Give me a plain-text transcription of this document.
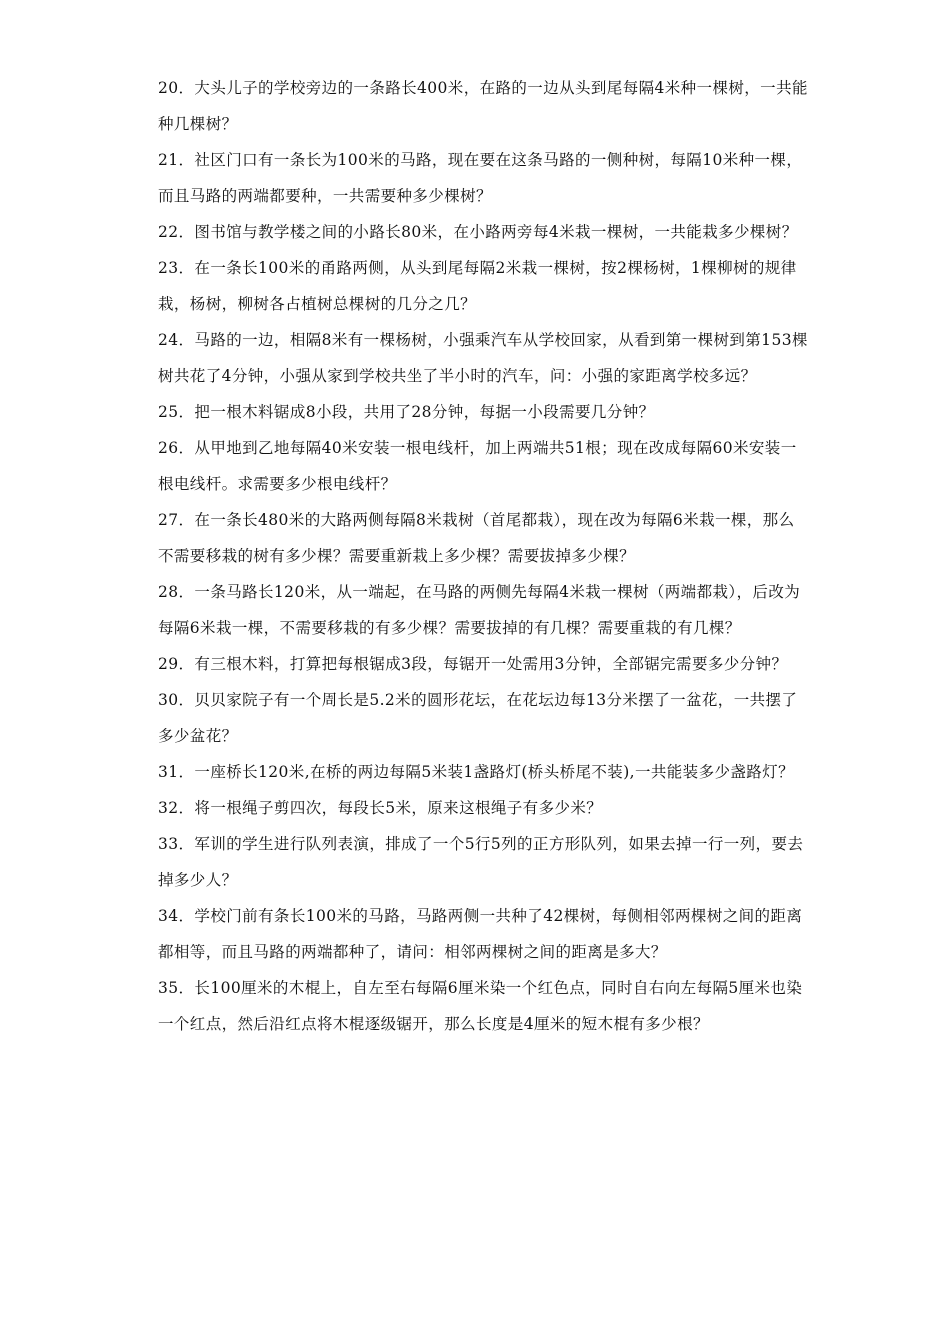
20．大头儿子的学校旁边的一条路长400米，在路的一边从头到尾每隔4米种一棵树，一共能种几棵树？
21．社区门口有一条长为100米的马路，现在要在这条马路的一侧种树，每隔10米种一棵，而且马路的两端都要种，一共需要种多少棵树？
22．图书馆与教学楼之间的小路长80米，在小路两旁每4米栽一棵树，一共能栽多少棵树？
23．在一条长100米的甬路两侧，从头到尾每隔2米栽一棵树，按2棵杨树，1棵柳树的规律栽，杨树，柳树各占植树总棵树的几分之几？
24．马路的一边，相隔8米有一棵杨树，小强乘汽车从学校回家，从看到第一棵树到第153棵树共花了4分钟，小强从家到学校共坐了半小时的汽车，问：小强的家距离学校多远？
25．把一根木料锯成8小段，共用了28分钟，每据一小段需要几分钟？
26．从甲地到乙地每隔40米安装一根电线杆，加上两端共51根；现在改成每隔60米安装一根电线杆。求需要多少根电线杆？
27．在一条长480米的大路两侧每隔8米栽树（首尾都栽），现在改为每隔6米栽一棵，那么不需要移栽的树有多少棵？需要重新栽上多少棵？需要拔掉多少棵？
28．一条马路长120米，从一端起，在马路的两侧先每隔4米栽一棵树（两端都栽），后改为每隔6米栽一棵，不需要移栽的有多少棵？需要拔掉的有几棵？需要重栽的有几棵？
29．有三根木料，打算把每根锯成3段，每锯开一处需用3分钟，全部锯完需要多少分钟？
30．贝贝家院子有一个周长是5.2米的圆形花坛，在花坛边每13分米摆了一盆花，一共摆了多少盆花？
31．一座桥长120米,在桥的两边每隔5米装1盏路灯(桥头桥尾不装),一共能装多少盏路灯？
32．将一根绳子剪四次，每段长5米，原来这根绳子有多少米？
33．军训的学生进行队列表演，排成了一个5行5列的正方形队列，如果去掉一行一列，要去掉多少人？
34．学校门前有条长100米的马路，马路两侧一共种了42棵树，每侧相邻两棵树之间的距离都相等，而且马路的两端都种了，请问：相邻两棵树之间的距离是多大？
35．长100厘米的木棍上，自左至右每隔6厘米染一个红色点，同时自右向左每隔5厘米也染一个红点，然后沿红点将木棍逐级锯开，那么长度是4厘米的短木棍有多少根？
